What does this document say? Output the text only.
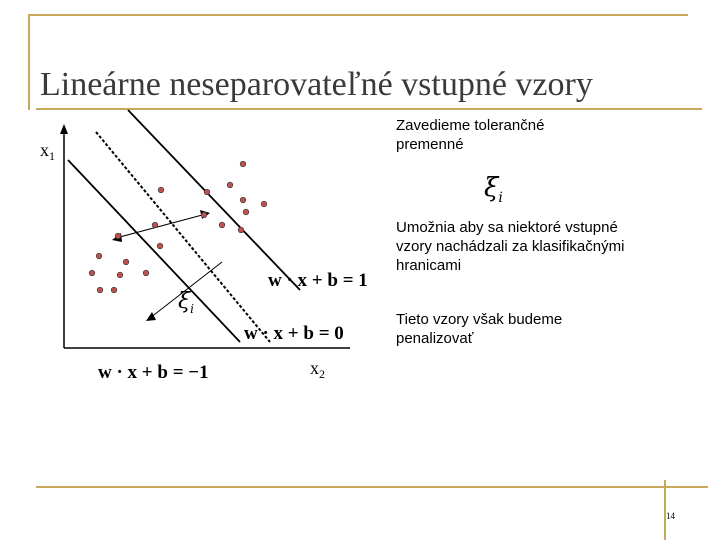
Lineárne neseparovateľné vstupné vzory
Zavedieme tolerančné premenné
Umožnia aby sa niektoré vstupné vzory nachádzali za klasifikačnými hranicami
Tieto vzory však budeme penalizovať
$x_1$
$x_2$
$\xi_i$
$\xi_i$
w · x + b = 1
w · x + b = 0
w · x + b = −1
14
